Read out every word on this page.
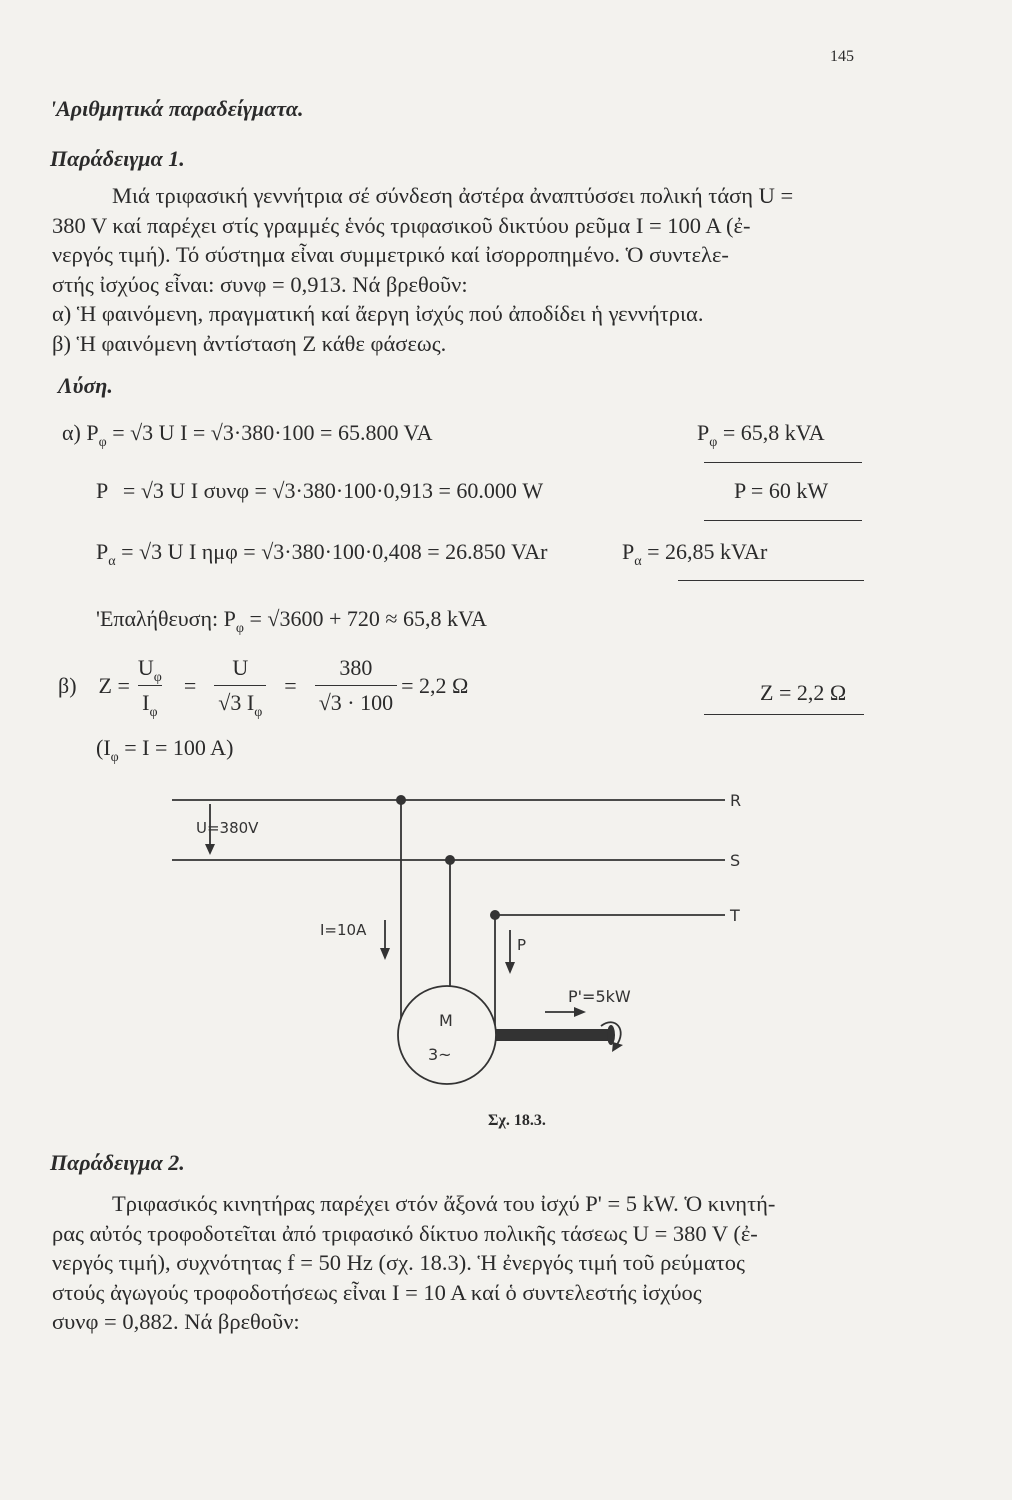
145
'Αριθμητικά παραδείγματα.
Παράδειγμα 1.
Μιά τριφασική γεννήτρια σέ σύνδεση ἀστέρα ἀναπτύσσει πολική τάση U =
380 V καί παρέχει στίς γραμμές ἑνός τριφασικοῦ δικτύου ρεῦμα I = 100 A (ἐ-
νεργός τιμή). Τό σύστημα εἶναι συμμετρικό καί ἰσορροπημένο. Ὁ συντελε-
στής ἰσχύος εἶναι: συνφ = 0,913. Νά βρεθοῦν:
α) Ἡ φαινόμενη, πραγματική καί ἄεργη ἰσχύς πού ἀποδίδει ἡ γεννήτρια.
β) Ἡ φαινόμενη ἀντίσταση Z κάθε φάσεως.
Λύση.
α) $P_\varphi = √3$ U I = √3·380·100 = 65.800 VA	$P_\varphi = 65,8$ kVA
P = √3 U I συνφ = √3·380·100·0,913 = 60.000 W	P = 60 kW
$P_\alpha = √3$ U I ημφ = √3·380·100·0,408 = 26.850 VAr	$P_\alpha = 26,85$ kVAr
'Επαλήθευση: $P_\varphi = √3600 + 720 \approx 65,8$ kVA
β) $Z = \frac{U_\varphi}{I_\varphi} = \frac{U}{√3 I_\varphi} = \frac{380}{√3 \cdot 100} = 2,2$ Ω	Z = 2,2 Ω
($I_\varphi = I = 100$ A)
R
S
T
U=380V
I=10A
P
P'=5kW
M
3~
Σχ. 18.3.
Παράδειγμα 2.
Τριφασικός κινητήρας παρέχει στόν ἄξονά του ἰσχύ P' = 5 kW. Ὁ κινητή-
ρας αὐτός τροφοδοτεῖται ἀπό τριφασικό δίκτυο πολικῆς τάσεως U = 380 V (ἐ-
νεργός τιμή), συχνότητας f = 50 Hz (σχ. 18.3). Ἡ ἐνεργός τιμή τοῦ ρεύματος
στούς ἀγωγούς τροφοδοτήσεως εἶναι I = 10 A καί ὁ συντελεστής ἰσχύος
συνφ = 0,882. Νά βρεθοῦν:
